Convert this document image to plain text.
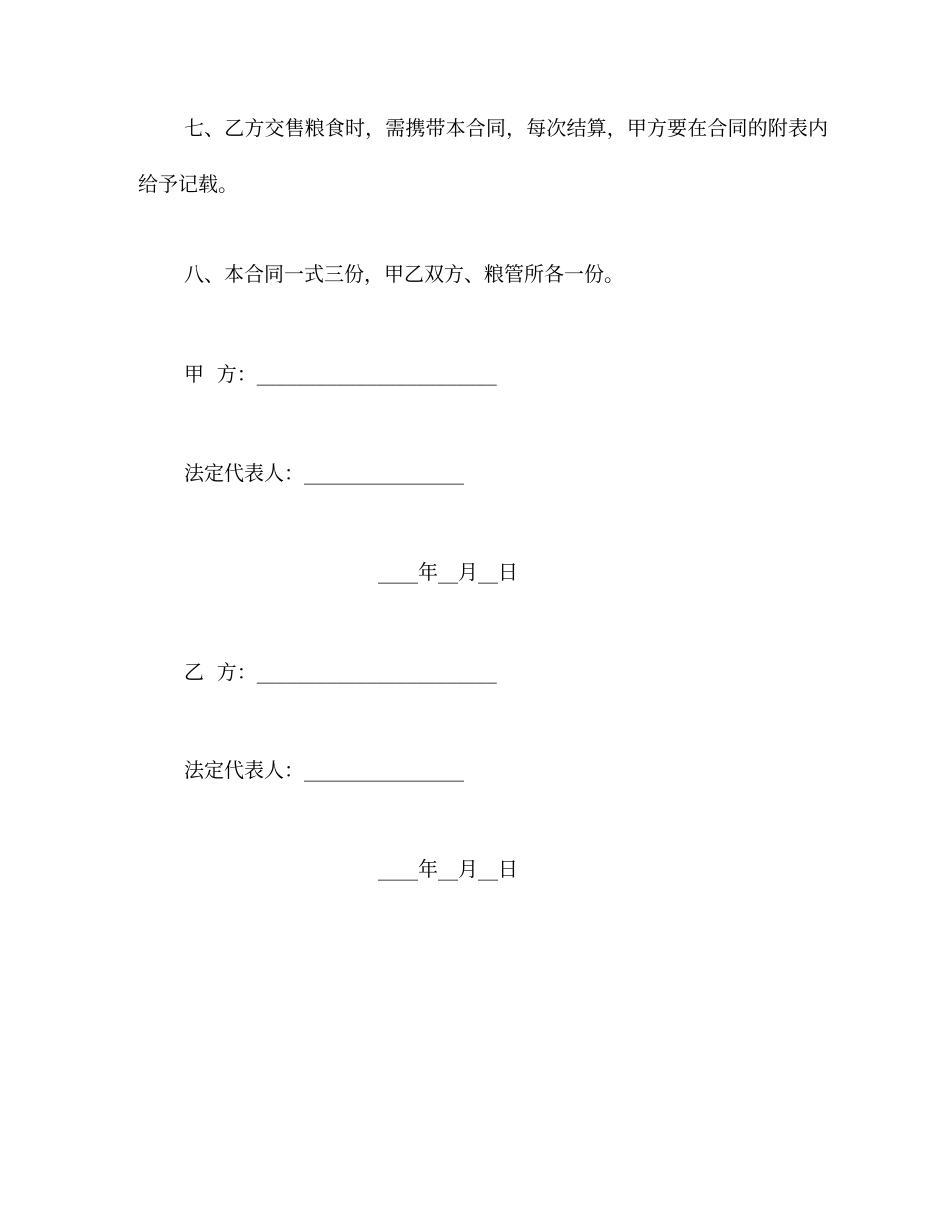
七、乙方交售粮食时，需携带本合同，每次结算，甲方要在合同的附表内给予记载。
八、本合同一式三份，甲乙双方、粮管所各一份。
甲  方：________________________
法定代表人：________________
____年__月__日
乙  方：________________________
法定代表人：________________
____年__月__日
